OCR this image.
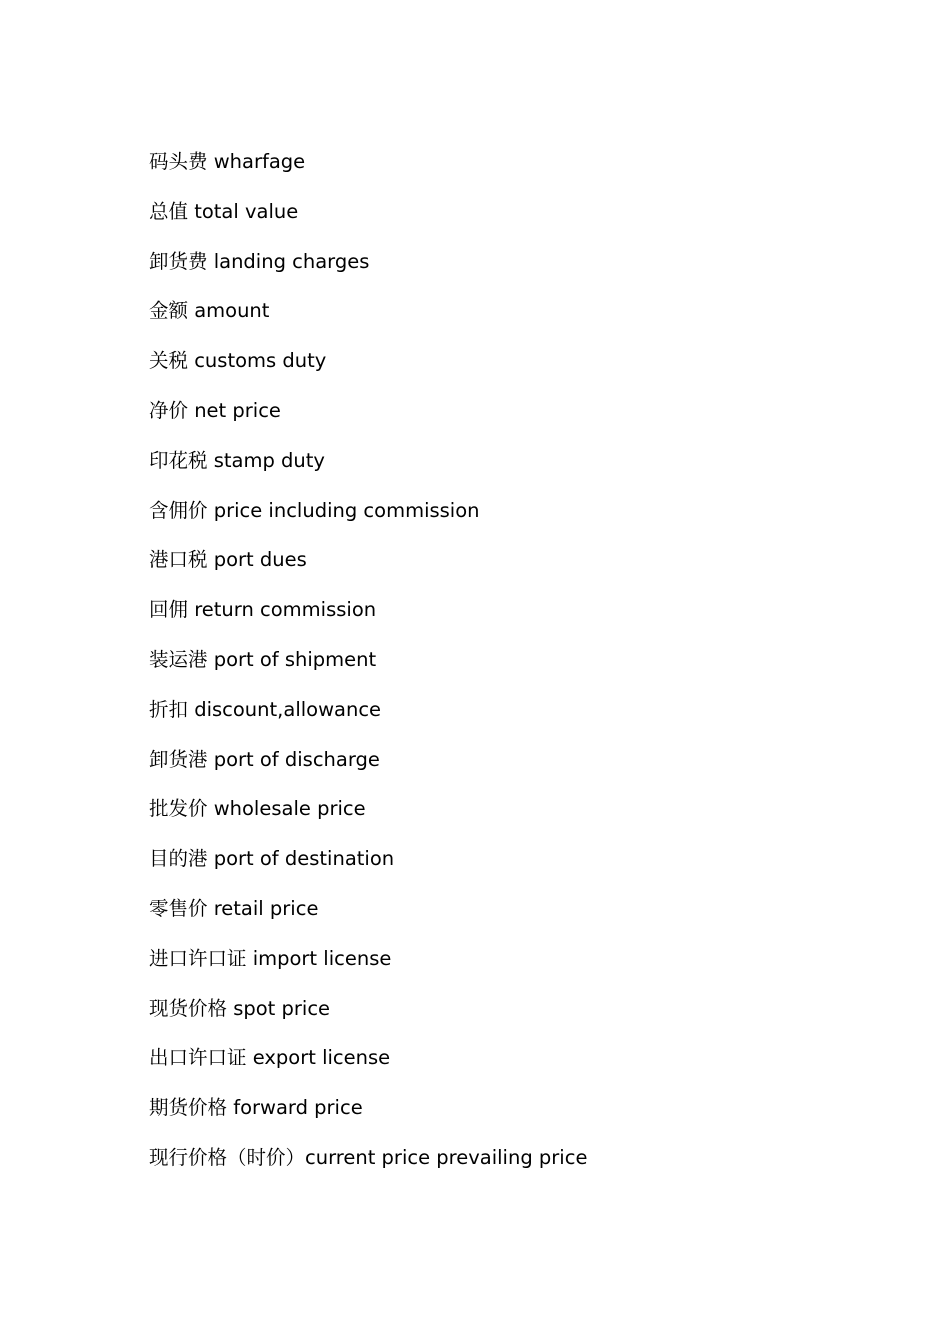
码头费 wharfage
总值 total value
卸货费 landing charges
金额 amount
关税 customs duty
净价 net price
印花税 stamp duty
含佣价 price including commission
港口税 port dues
回佣 return commission
装运港 port of shipment
折扣 discount,allowance
卸货港 port of discharge
批发价 wholesale price
目的港 port of destination
零售价 retail price
进口许口证 import license
现货价格 spot price
出口许口证 export license
期货价格 forward price
现行价格（时价）current price prevailing price
